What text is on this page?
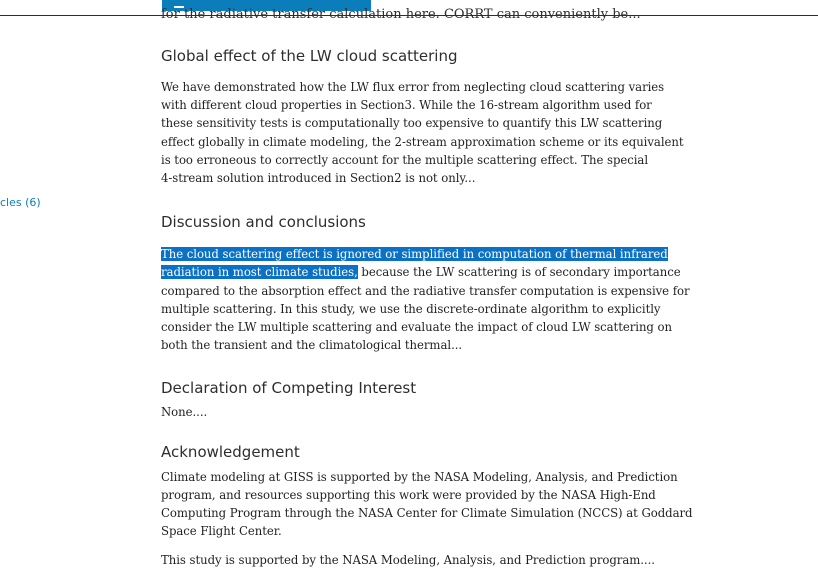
for the radiative transfer calculation here. CORRT can conveniently be...
cles (6)
Global effect of the LW cloud scattering

We have demonstrated how the LW flux error from neglecting cloud scattering varies
with different cloud properties in Section3. While the 16-stream algorithm used for
these sensitivity tests is computationally too expensive to quantify this LW scattering
effect globally in climate modeling, the 2-stream approximation scheme or its equivalent
is too erroneous to correctly account for the multiple scattering effect. The special
4-stream solution introduced in Section2 is not only...

Discussion and conclusions

The cloud scattering effect is ignored or simplified in computation of thermal infrared
radiation in most climate studies, because the LW scattering is of secondary importance
compared to the absorption effect and the radiative transfer computation is expensive for
multiple scattering. In this study, we use the discrete-ordinate algorithm to explicitly
consider the LW multiple scattering and evaluate the impact of cloud LW scattering on
both the transient and the climatological thermal...

Declaration of Competing Interest

None....

Acknowledgement

Climate modeling at GISS is supported by the NASA Modeling, Analysis, and Prediction
program, and resources supporting this work were provided by the NASA High-End
Computing Program through the NASA Center for Climate Simulation (NCCS) at Goddard
Space Flight Center.

This study is supported by the NASA Modeling, Analysis, and Prediction program....
